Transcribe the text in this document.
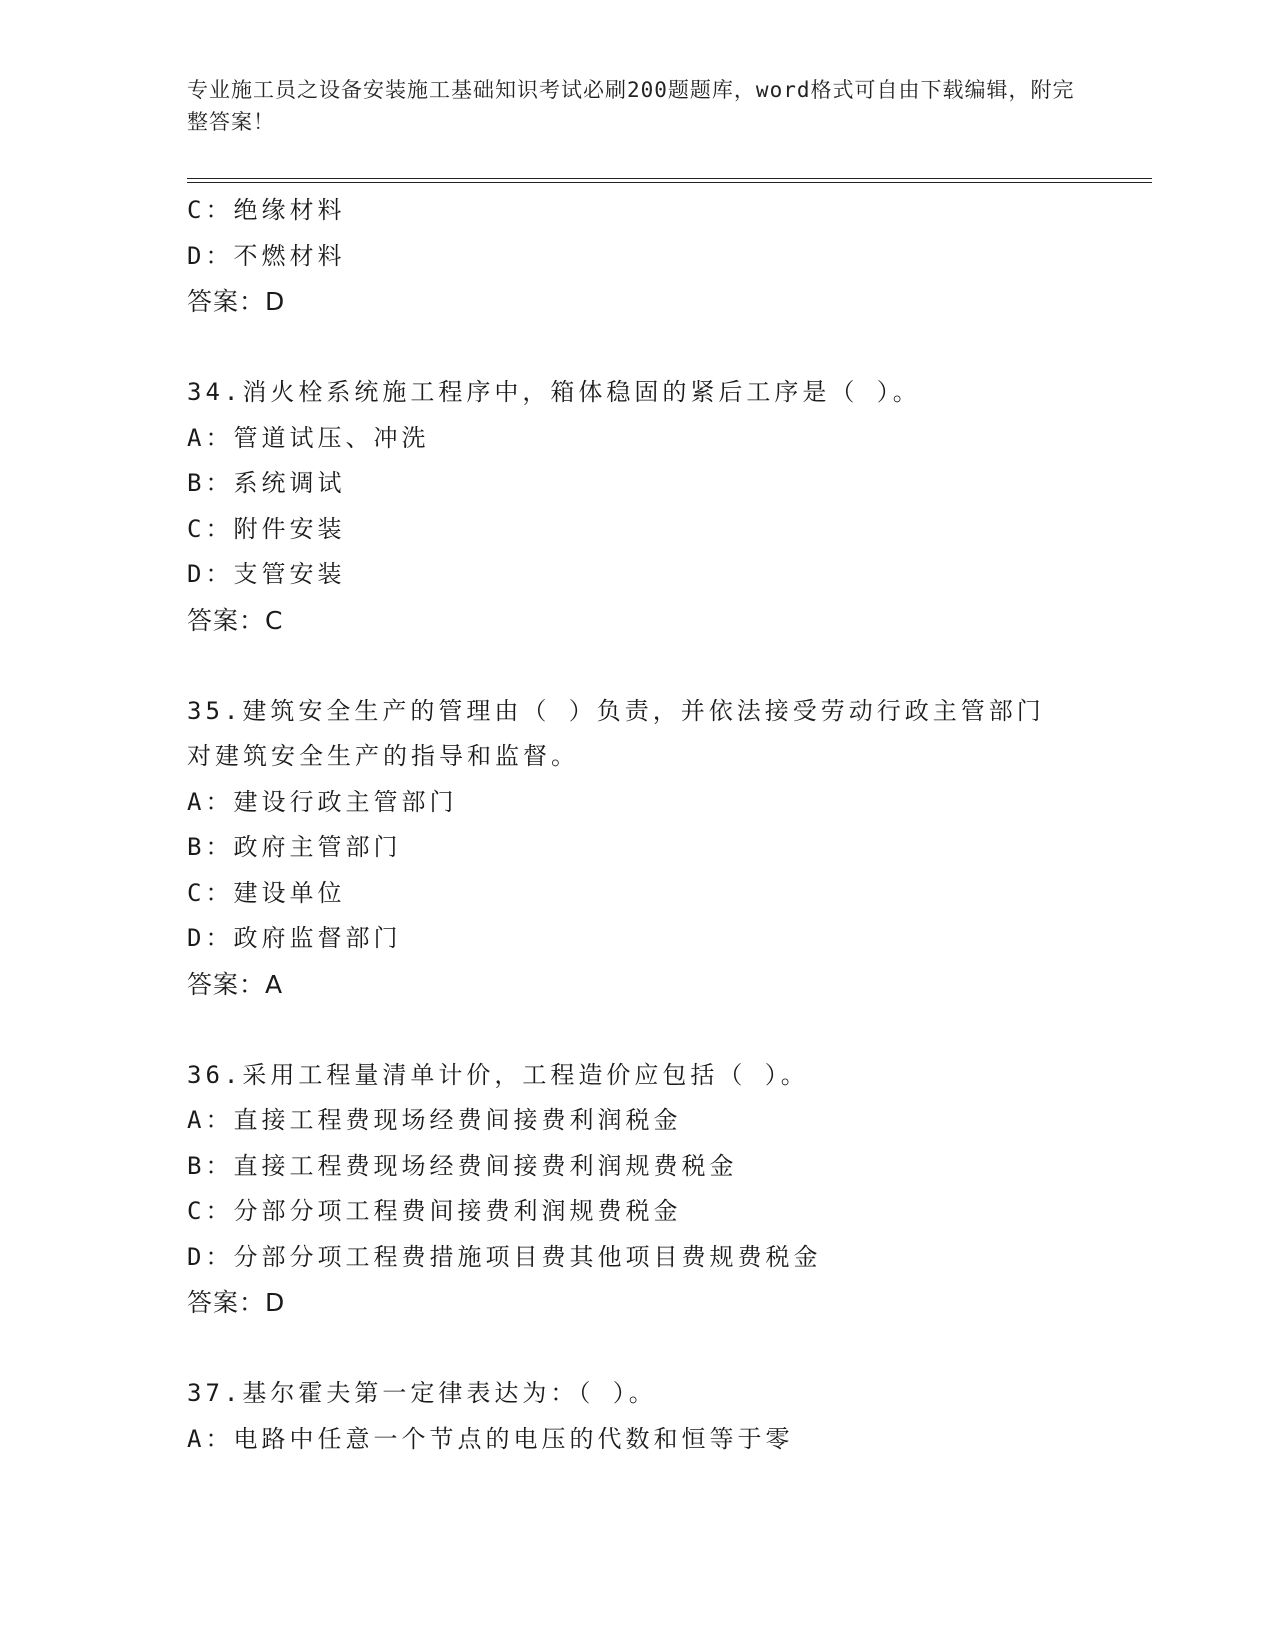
专业施工员之设备安装施工基础知识考试必刷200题题库，word格式可自由下载编辑，附完整答案！
C：绝缘材料
D：不燃材料
答案：D
34.消火栓系统施工程序中，箱体稳固的紧后工序是（ ）。
A：管道试压、冲洗
B：系统调试
C：附件安装
D：支管安装
答案：C
35.建筑安全生产的管理由（ ）负责，并依法接受劳动行政主管部门
对建筑安全生产的指导和监督。
A：建设行政主管部门
B：政府主管部门
C：建设单位
D：政府监督部门
答案：A
36.采用工程量清单计价，工程造价应包括（ ）。
A：直接工程费现场经费间接费利润税金
B：直接工程费现场经费间接费利润规费税金
C：分部分项工程费间接费利润规费税金
D：分部分项工程费措施项目费其他项目费规费税金
答案：D
37.基尔霍夫第一定律表达为：（ ）。
A：电路中任意一个节点的电压的代数和恒等于零
